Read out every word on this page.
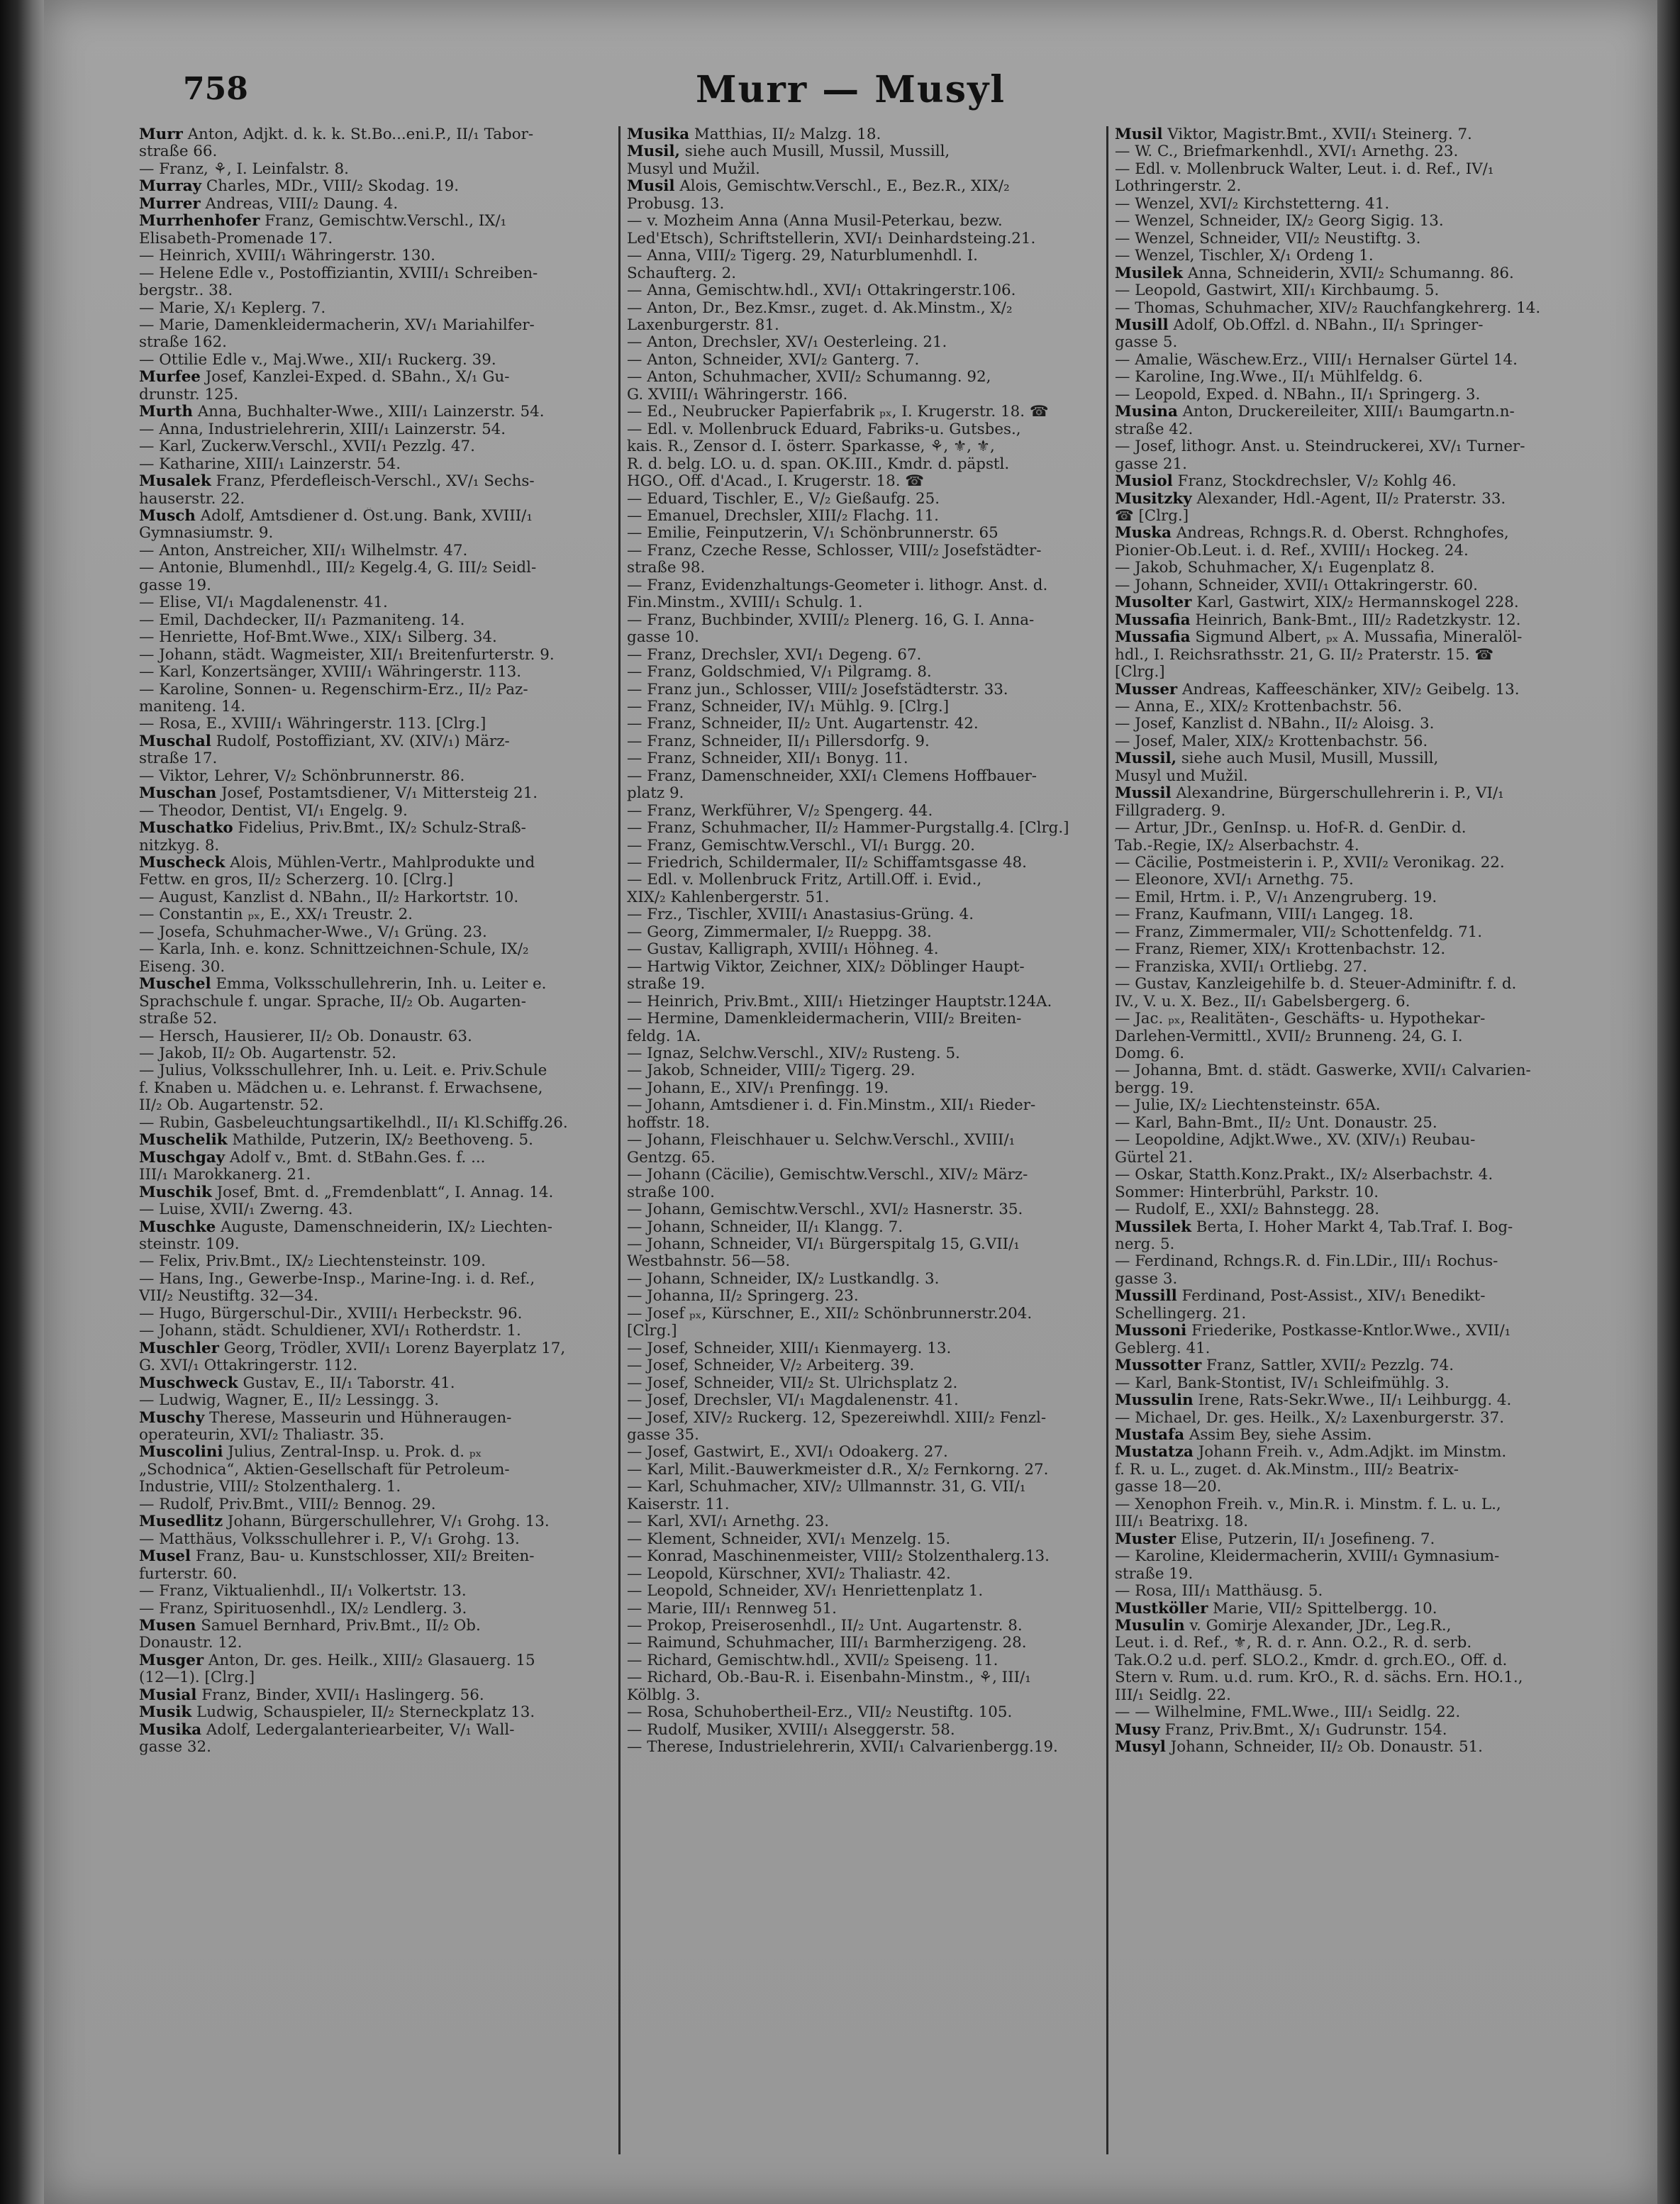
758	Murr — Musyl
Murr Anton, Adjkt. d. k. k. St.Bo...eni.P., II/₁ Tabor-
straße 66.
— Franz, ⚘, I. Leinfalstr. 8.
Murray Charles, MDr., VIII/₂ Skodag. 19.
Murrer Andreas, VIII/₂ Daung. 4.
Murrhenhofer Franz, Gemischtw.Verschl., IX/₁
Elisabeth-Promenade 17.
— Heinrich, XVIII/₁ Währingerstr. 130.
— Helene Edle v., Postoffiziantin, XVIII/₁ Schreiben-
bergstr.. 38.
— Marie, X/₁ Keplerg. 7.
— Marie, Damenkleidermacherin, XV/₁ Mariahilfer-
straße 162.
— Ottilie Edle v., Maj.Wwe., XII/₁ Ruckerg. 39.
Murfee Josef, Kanzlei-Exped. d. SBahn., X/₁ Gu-
drunstr. 125.
Murth Anna, Buchhalter-Wwe., XIII/₁ Lainzerstr. 54.
— Anna, Industrielehrerin, XIII/₁ Lainzerstr. 54.
— Karl, Zuckerw.Verschl., XVII/₁ Pezzlg. 47.
— Katharine, XIII/₁ Lainzerstr. 54.
Musalek Franz, Pferdefleisch-Verschl., XV/₁ Sechs-
hauserstr. 22.
Musch Adolf, Amtsdiener d. Öst.ung. Bank, XVIII/₁
Gymnasiumstr. 9.
— Anton, Anstreicher, XII/₁ Wilhelmstr. 47.
— Antonie, Blumenhdl., III/₂ Kegelg.4, G. III/₂ Seidl-
gasse 19.
— Elise, VI/₁ Magdalenenstr. 41.
— Emil, Dachdecker, II/₁ Pazmaniteng. 14.
— Henriette, Hof-Bmt.Wwe., XIX/₁ Silberg. 34.
— Johann, städt. Wagmeister, XII/₁ Breitenfurterstr. 9.
— Karl, Konzertsänger, XVIII/₁ Währingerstr. 113.
— Karoline, Sonnen- u. Regenschirm-Erz., II/₂ Paz-
maniteng. 14.
— Rosa, E., XVIII/₁ Währingerstr. 113. [Clrg.]
Muschal Rudolf, Postoffiziant, XV. (XIV/₁) März-
straße 17.
— Viktor, Lehrer, V/₂ Schönbrunnerstr. 86.
Muschan Josef, Postamtsdiener, V/₁ Mittersteig 21.
— Theodor, Dentist, VI/₁ Engelg. 9.
Muschatko Fidelius, Priv.Bmt., IX/₂ Schulz-Straß-
nitzkyg. 8.
Muscheck Alois, Mühlen-Vertr., Mahlprodukte und
Fettw. en gros, II/₂ Scherzerg. 10. [Clrg.]
— August, Kanzlist d. NBahn., II/₂ Harkortstr. 10.
— Constantin ₚₓ, E., XX/₁ Treustr. 2.
— Josefa, Schuhmacher-Wwe., V/₁ Grüng. 23.
— Karla, Inh. e. konz. Schnittzeichnen-Schule, IX/₂
Eiseng. 30.
Muschel Emma, Volksschullehrerin, Inh. u. Leiter e.
Sprachschule f. ungar. Sprache, II/₂ Ob. Augarten-
straße 52.
— Hersch, Hausierer, II/₂ Ob. Donaustr. 63.
— Jakob, II/₂ Ob. Augartenstr. 52.
— Julius, Volksschullehrer, Inh. u. Leit. e. Priv.Schule
f. Knaben u. Mädchen u. e. Lehranst. f. Erwachsene,
II/₂ Ob. Augartenstr. 52.
— Rubin, Gasbeleuchtungsartikelhdl., II/₁ Kl.Schiffg.26.
Muschelik Mathilde, Putzerin, IX/₂ Beethoveng. 5.
Muschgay Adolf v., Bmt. d. StBahn.Ges. f. ...
III/₁ Marokkanerg. 21.
Muschik Josef, Bmt. d. „Fremdenblatt“, I. Annag. 14.
— Luise, XVII/₁ Zwerng. 43.
Muschke Auguste, Damenschneiderin, IX/₂ Liechten-
steinstr. 109.
— Felix, Priv.Bmt., IX/₂ Liechtensteinstr. 109.
— Hans, Ing., Gewerbe-Insp., Marine-Ing. i. d. Ref.,
VII/₂ Neustiftg. 32—34.
— Hugo, Bürgerschul-Dir., XVIII/₁ Herbeckstr. 96.
— Johann, städt. Schuldiener, XVI/₁ Rotherdstr. 1.
Muschler Georg, Trödler, XVII/₁ Lorenz Bayerplatz 17,
G. XVI/₁ Ottakringerstr. 112.
Muschweck Gustav, E., II/₁ Taborstr. 41.
— Ludwig, Wagner, E., II/₂ Lessingg. 3.
Muschy Therese, Masseurin und Hühneraugen-
operateurin, XVI/₂ Thaliastr. 35.
Muscolini Julius, Zentral-Insp. u. Prok. d. ₚₓ
„Schodnica“, Aktien-Gesellschaft für Petroleum-
Industrie, VIII/₂ Stolzenthalerg. 1.
— Rudolf, Priv.Bmt., VIII/₂ Bennog. 29.
Musedlitz Johann, Bürgerschullehrer, V/₁ Grohg. 13.
— Matthäus, Volksschullehrer i. P., V/₁ Grohg. 13.
Musel Franz, Bau- u. Kunstschlosser, XII/₂ Breiten-
furterstr. 60.
— Franz, Viktualienhdl., II/₁ Volkertstr. 13.
— Franz, Spirituosenhdl., IX/₂ Lendlerg. 3.
Musen Samuel Bernhard, Priv.Bmt., II/₂ Ob.
Donaustr. 12.
Musger Anton, Dr. ges. Heilk., XIII/₂ Glasauerg. 15
(12—1). [Clrg.]
Musial Franz, Binder, XVII/₁ Haslingerg. 56.
Musik Ludwig, Schauspieler, II/₂ Sterneckplatz 13.
Musika Adolf, Ledergalanteriearbeiter, V/₁ Wall-
gasse 32.
Musika Matthias, II/₂ Malzg. 18.
Musil, siehe auch Musill, Mussil, Mussill,
Musyl und Mužil.
Musil Alois, Gemischtw.Verschl., E., Bez.R., XIX/₂
Probusg. 13.
— v. Mozheim Anna (Anna Musil-Peterkau, bezw.
Led'Etsch), Schriftstellerin, XVI/₁ Deinhardsteing.21.
— Anna, VIII/₂ Tigerg. 29, Naturblumenhdl. I.
Schaufterg. 2.
— Anna, Gemischtw.hdl., XVI/₁ Ottakringerstr.106.
— Anton, Dr., Bez.Kmsr., zuget. d. Ak.Minstm., X/₂
Laxenburgerstr. 81.
— Anton, Drechsler, XV/₁ Oesterleing. 21.
— Anton, Schneider, XVI/₂ Ganterg. 7.
— Anton, Schuhmacher, XVII/₂ Schumanng. 92,
G. XVIII/₁ Währingerstr. 166.
— Ed., Neubrucker Papierfabrik ₚₓ, I. Krugerstr. 18. ☎
— Edl. v. Mollenbruck Eduard, Fabriks-u. Gutsbes.,
kais. R., Zensor d. I. österr. Sparkasse, ⚘, ⚜, ⚜,
R. d. belg. LO. u. d. span. OK.III., Kmdr. d. päpstl.
HGO., Off. d'Acad., I. Krugerstr. 18. ☎
— Eduard, Tischler, E., V/₂ Gießaufg. 25.
— Emanuel, Drechsler, XIII/₂ Flachg. 11.
— Emilie, Feinputzerin, V/₁ Schönbrunnerstr. 65
— Franz, Czeche Resse, Schlosser, VIII/₂ Josefstädter-
straße 98.
— Franz, Evidenzhaltungs-Geometer i. lithogr. Anst. d.
Fin.Minstm., XVIII/₁ Schulg. 1.
— Franz, Buchbinder, XVIII/₂ Plenerg. 16, G. I. Anna-
gasse 10.
— Franz, Drechsler, XVI/₁ Degeng. 67.
— Franz, Goldschmied, V/₁ Pilgramg. 8.
— Franz jun., Schlosser, VIII/₂ Josefstädterstr. 33.
— Franz, Schneider, IV/₁ Mühlg. 9. [Clrg.]
— Franz, Schneider, II/₂ Unt. Augartenstr. 42.
— Franz, Schneider, II/₁ Pillersdorfg. 9.
— Franz, Schneider, XII/₁ Bonyg. 11.
— Franz, Damenschneider, XXI/₁ Clemens Hoffbauer-
platz 9.
— Franz, Werkführer, V/₂ Spengerg. 44.
— Franz, Schuhmacher, II/₂ Hammer-Purgstallg.4. [Clrg.]
— Franz, Gemischtw.Verschl., VI/₁ Burgg. 20.
— Friedrich, Schildermaler, II/₂ Schiffamtsgasse 48.
— Edl. v. Mollenbruck Fritz, Artill.Off. i. Evid.,
XIX/₂ Kahlenbergerstr. 51.
— Frz., Tischler, XVIII/₁ Anastasius-Grüng. 4.
— Georg, Zimmermaler, I/₂ Rueppg. 38.
— Gustav, Kalligraph, XVIII/₁ Höhneg. 4.
— Hartwig Viktor, Zeichner, XIX/₂ Döblinger Haupt-
straße 19.
— Heinrich, Priv.Bmt., XIII/₁ Hietzinger Hauptstr.124A.
— Hermine, Damenkleidermacherin, VIII/₂ Breiten-
feldg. 1A.
— Ignaz, Selchw.Verschl., XIV/₂ Rusteng. 5.
— Jakob, Schneider, VIII/₂ Tigerg. 29.
— Johann, E., XIV/₁ Prenfingg. 19.
— Johann, Amtsdiener i. d. Fin.Minstm., XII/₁ Rieder-
hoffstr. 18.
— Johann, Fleischhauer u. Selchw.Verschl., XVIII/₁
Gentzg. 65.
— Johann (Cäcilie), Gemischtw.Verschl., XIV/₂ März-
straße 100.
— Johann, Gemischtw.Verschl., XVI/₂ Hasnerstr. 35.
— Johann, Schneider, II/₁ Klangg. 7.
— Johann, Schneider, VI/₁ Bürgerspitalg 15, G.VII/₁
Westbahnstr. 56—58.
— Johann, Schneider, IX/₂ Lustkandlg. 3.
— Johanna, II/₂ Springerg. 23.
— Josef ₚₓ, Kürschner, E., XII/₂ Schönbrunnerstr.204.
[Clrg.]
— Josef, Schneider, XIII/₁ Kienmayerg. 13.
— Josef, Schneider, V/₂ Arbeiterg. 39.
— Josef, Schneider, VII/₂ St. Ulrichsplatz 2.
— Josef, Drechsler, VI/₁ Magdalenenstr. 41.
— Josef, XIV/₂ Ruckerg. 12, Spezereiwhdl. XIII/₂ Fenzl-
gasse 35.
— Josef, Gastwirt, E., XVI/₁ Odoakerg. 27.
— Karl, Milit.-Bauwerkmeister d.R., X/₂ Fernkorng. 27.
— Karl, Schuhmacher, XIV/₂ Ullmannstr. 31, G. VII/₁
Kaiserstr. 11.
— Karl, XVI/₁ Arnethg. 23.
— Klement, Schneider, XVI/₁ Menzelg. 15.
— Konrad, Maschinenmeister, VIII/₂ Stolzenthalerg.13.
— Leopold, Kürschner, XVI/₂ Thaliastr. 42.
— Leopold, Schneider, XV/₁ Henriettenplatz 1.
— Marie, III/₁ Rennweg 51.
— Prokop, Preiserosenhdl., II/₂ Unt. Augartenstr. 8.
— Raimund, Schuhmacher, III/₁ Barmherzigeng. 28.
— Richard, Gemischtw.hdl., XVII/₂ Speiseng. 11.
— Richard, Ob.-Bau-R. i. Eisenbahn-Minstm., ⚘, III/₁
Kölblg. 3.
— Rosa, Schuhobertheil-Erz., VII/₂ Neustiftg. 105.
— Rudolf, Musiker, XVIII/₁ Alseggerstr. 58.
— Therese, Industrielehrerin, XVII/₁ Calvarienbergg.19.
Musil Viktor, Magistr.Bmt., XVII/₁ Steinerg. 7.
— W. C., Briefmarkenhdl., XVI/₁ Arnethg. 23.
— Edl. v. Mollenbruck Walter, Leut. i. d. Ref., IV/₁
Lothringerstr. 2.
— Wenzel, XVI/₂ Kirchstetterng. 41.
— Wenzel, Schneider, IX/₂ Georg Sigig. 13.
— Wenzel, Schneider, VII/₂ Neustiftg. 3.
— Wenzel, Tischler, X/₁ Ordeng 1.
Musilek Anna, Schneiderin, XVII/₂ Schumanng. 86.
— Leopold, Gastwirt, XII/₁ Kirchbaumg. 5.
— Thomas, Schuhmacher, XIV/₂ Rauchfangkehrerg. 14.
Musill Adolf, Ob.Offzl. d. NBahn., II/₁ Springer-
gasse 5.
— Amalie, Wäschew.Erz., VIII/₁ Hernalser Gürtel 14.
— Karoline, Ing.Wwe., II/₁ Mühlfeldg. 6.
— Leopold, Exped. d. NBahn., II/₁ Springerg. 3.
Musina Anton, Druckereileiter, XIII/₁ Baumgartn.n-
straße 42.
— Josef, lithogr. Anst. u. Steindruckerei, XV/₁ Turner-
gasse 21.
Musiol Franz, Stockdrechsler, V/₂ Kohlg 46.
Musitzky Alexander, Hdl.-Agent, II/₂ Praterstr. 33.
☎ [Clrg.]
Muska Andreas, Rchngs.R. d. Oberst. Rchnghofes,
Pionier-Ob.Leut. i. d. Ref., XVIII/₁ Hockeg. 24.
— Jakob, Schuhmacher, X/₁ Eugenplatz 8.
— Johann, Schneider, XVII/₁ Ottakringerstr. 60.
Musolter Karl, Gastwirt, XIX/₂ Hermannskogel 228.
Mussafia Heinrich, Bank-Bmt., III/₂ Radetzkystr. 12.
Mussafia Sigmund Albert, ₚₓ A. Mussafia, Mineralöl-
hdl., I. Reichsrathsstr. 21, G. II/₂ Praterstr. 15. ☎
[Clrg.]
Musser Andreas, Kaffeeschänker, XIV/₂ Geibelg. 13.
— Anna, E., XIX/₂ Krottenbachstr. 56.
— Josef, Kanzlist d. NBahn., II/₂ Aloisg. 3.
— Josef, Maler, XIX/₂ Krottenbachstr. 56.
Mussil, siehe auch Musil, Musill, Mussill,
Musyl und Mužil.
Mussil Alexandrine, Bürgerschullehrerin i. P., VI/₁
Fillgraderg. 9.
— Artur, JDr., GenInsp. u. Hof-R. d. GenDir. d.
Tab.-Regie, IX/₂ Alserbachstr. 4.
— Cäcilie, Postmeisterin i. P., XVII/₂ Veronikag. 22.
— Eleonore, XVI/₁ Arnethg. 75.
— Emil, Hrtm. i. P., V/₁ Anzengruberg. 19.
— Franz, Kaufmann, VIII/₁ Langeg. 18.
— Franz, Zimmermaler, VII/₂ Schottenfeldg. 71.
— Franz, Riemer, XIX/₁ Krottenbachstr. 12.
— Franziska, XVII/₁ Ortliebg. 27.
— Gustav, Kanzleigehilfe b. d. Steuer-Adminiftr. f. d.
IV., V. u. X. Bez., II/₁ Gabelsbergerg. 6.
— Jac. ₚₓ, Realitäten-, Geschäfts- u. Hypothekar-
Darlehen-Vermittl., XVII/₂ Brunneng. 24, G. I.
Domg. 6.
— Johanna, Bmt. d. städt. Gaswerke, XVII/₁ Calvarien-
bergg. 19.
— Julie, IX/₂ Liechtensteinstr. 65A.
— Karl, Bahn-Bmt., II/₂ Unt. Donaustr. 25.
— Leopoldine, Adjkt.Wwe., XV. (XIV/₁) Reubau-
Gürtel 21.
— Oskar, Statth.Konz.Prakt., IX/₂ Alserbachstr. 4.
Sommer: Hinterbrühl, Parkstr. 10.
— Rudolf, E., XXI/₂ Bahnstegg. 28.
Mussilek Berta, I. Hoher Markt 4, Tab.Traf. I. Bog-
nerg. 5.
— Ferdinand, Rchngs.R. d. Fin.LDir., III/₁ Rochus-
gasse 3.
Mussill Ferdinand, Post-Assist., XIV/₁ Benedikt-
Schellingerg. 21.
Mussoni Friederike, Postkasse-Kntlor.Wwe., XVII/₁
Geblerg. 41.
Mussotter Franz, Sattler, XVII/₂ Pezzlg. 74.
— Karl, Bank-Stontist, IV/₁ Schleifmühlg. 3.
Mussulin Irene, Rats-Sekr.Wwe., II/₁ Leihburgg. 4.
— Michael, Dr. ges. Heilk., X/₂ Laxenburgerstr. 37.
Mustafa Assim Bey, siehe Assim.
Mustatza Johann Freih. v., Adm.Adjkt. im Minstm.
f. R. u. L., zuget. d. Ak.Minstm., III/₂ Beatrix-
gasse 18—20.
— Xenophon Freih. v., Min.R. i. Minstm. f. L. u. L.,
III/₁ Beatrixg. 18.
Muster Elise, Putzerin, II/₁ Josefineng. 7.
— Karoline, Kleidermacherin, XVIII/₁ Gymnasium-
straße 19.
— Rosa, III/₁ Matthäusg. 5.
Mustköller Marie, VII/₂ Spittelbergg. 10.
Musulin v. Gomirje Alexander, JDr., Leg.R.,
Leut. i. d. Ref., ⚜, R. d. r. Ann. O.2., R. d. serb.
Tak.O.2 u.d. perf. SLO.2., Kmdr. d. grch.EO., Off. d.
Stern v. Rum. u.d. rum. KrO., R. d. sächs. Ern. HO.1.,
III/₁ Seidlg. 22.
— — Wilhelmine, FML.Wwe., III/₁ Seidlg. 22.
Musy Franz, Priv.Bmt., X/₁ Gudrunstr. 154.
Musyl Johann, Schneider, II/₂ Ob. Donaustr. 51.
